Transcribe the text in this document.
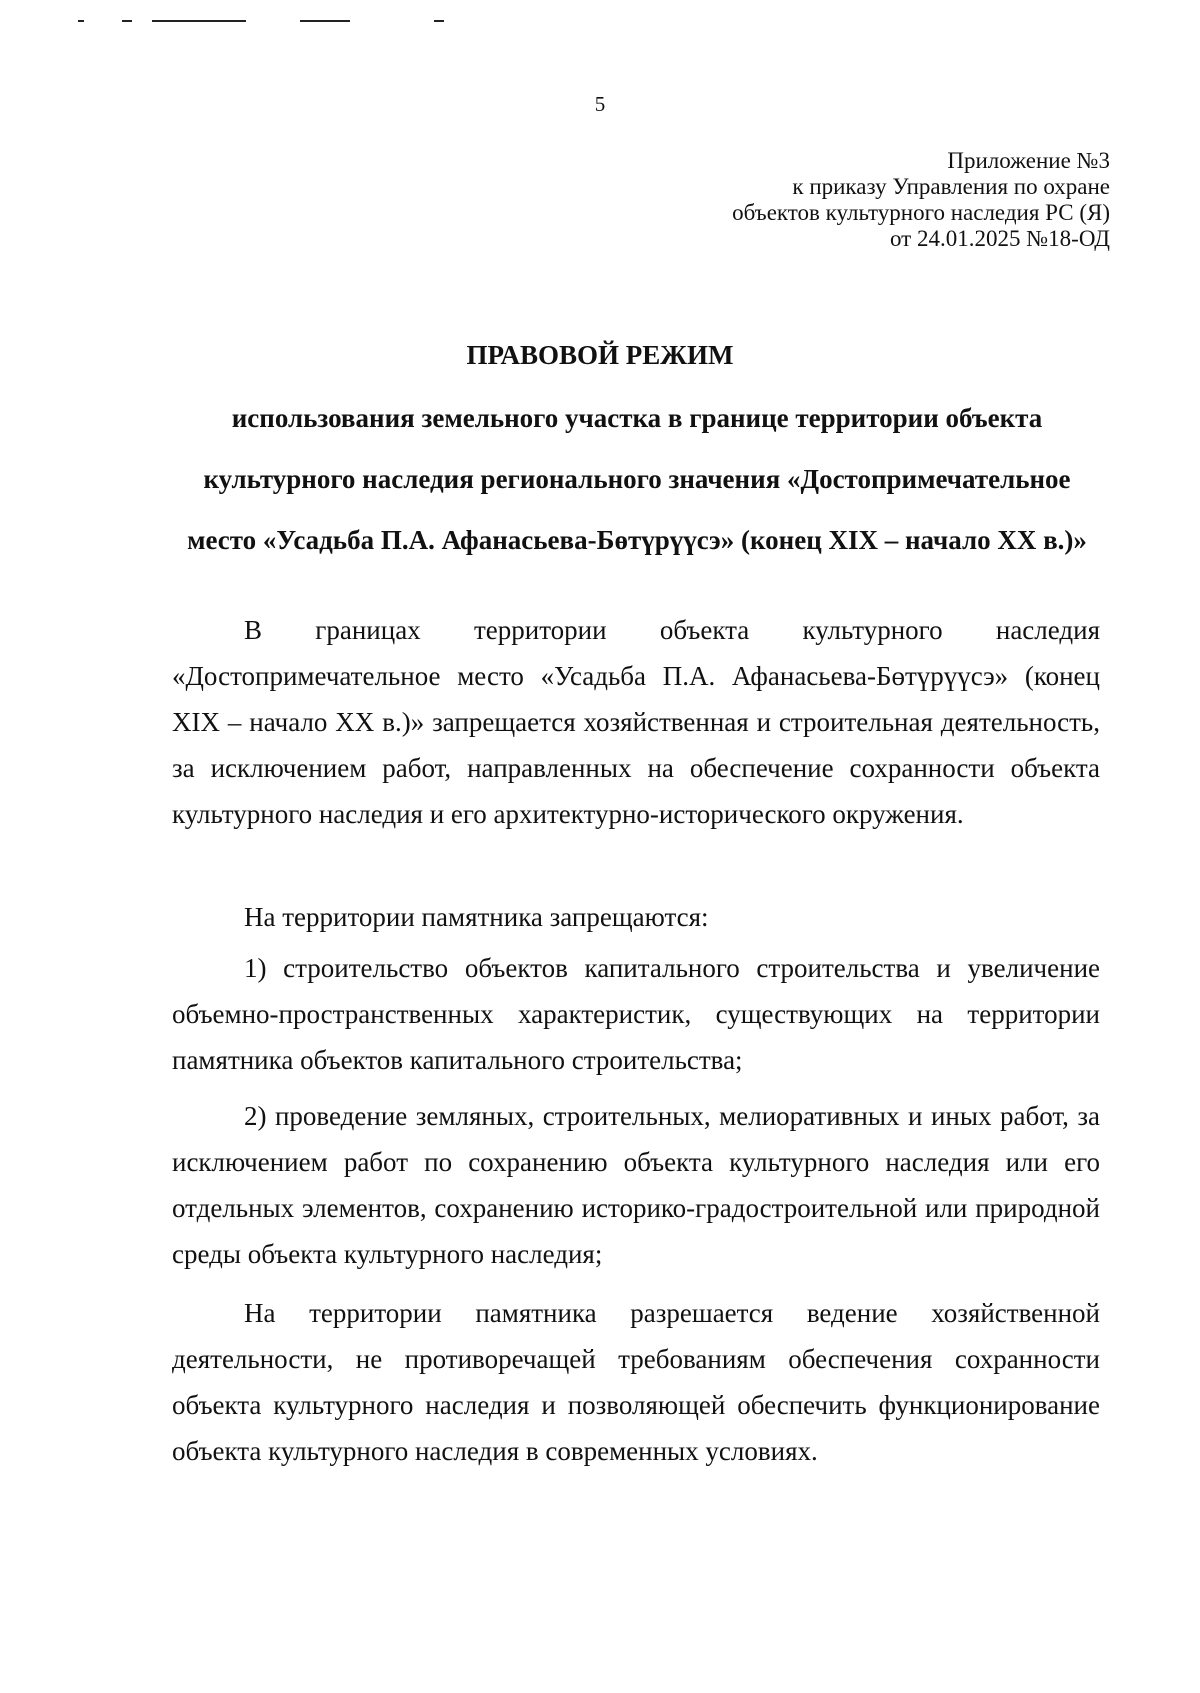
5
Приложение №3
к приказу Управления по охране
объектов культурного наследия РС (Я)
от 24.01.2025 №18-ОД
ПРАВОВОЙ РЕЖИМ
использования земельного участка в границе территории объекта культурного наследия регионального значения «Достопримечательное место «Усадьба П.А. Афанасьева-Бөтүрүүсэ» (конец XIX – начало XX в.)»

В границах территории объекта культурного наследия «Достопримечательное место «Усадьба П.А. Афанасьева-Бөтүрүүсэ» (конец XIX – начало XX в.)» запрещается хозяйственная и строительная деятельность, за исключением работ, направленных на обеспечение сохранности объекта культурного наследия и его архитектурно-исторического окружения.

На территории памятника запрещаются:

1) строительство объектов капитального строительства и увеличение объемно-пространственных характеристик, существующих на территории памятника объектов капитального строительства;

2) проведение земляных, строительных, мелиоративных и иных работ, за исключением работ по сохранению объекта культурного наследия или его отдельных элементов, сохранению историко-градостроительной или природной среды объекта культурного наследия;

На территории памятника разрешается ведение хозяйственной деятельности, не противоречащей требованиям обеспечения сохранности объекта культурного наследия и позволяющей обеспечить функционирование объекта культурного наследия в современных условиях.
